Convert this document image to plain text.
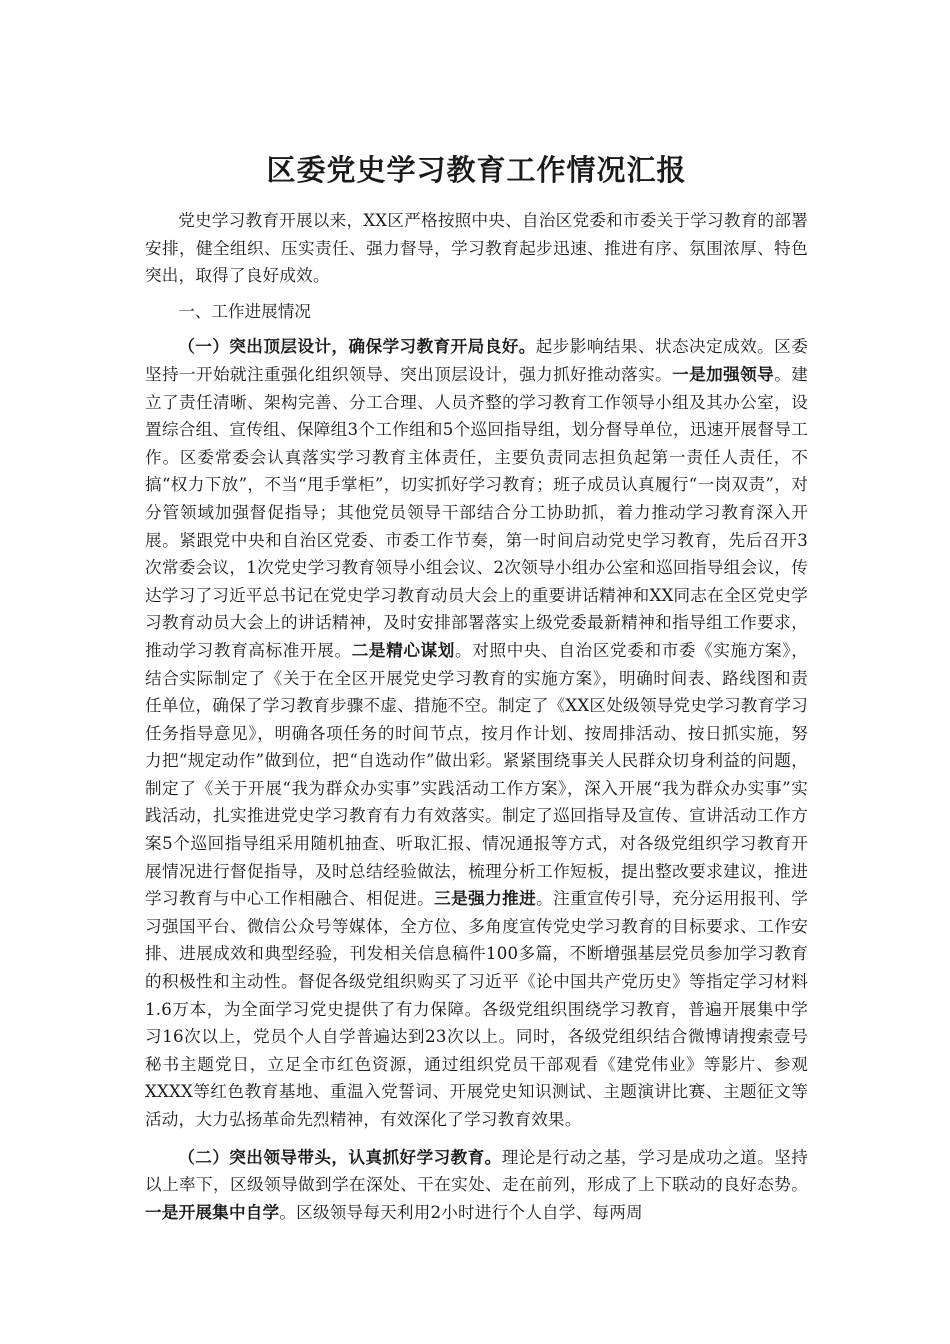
区委党史学习教育工作情况汇报

党史学习教育开展以来，XX区严格按照中央、自治区党委和市委关于学习教育的部署安排，健全组织、压实责任、强力督导，学习教育起步迅速、推进有序、氛围浓厚、特色突出，取得了良好成效。

一、工作进展情况

（一）突出顶层设计，确保学习教育开局良好。起步影响结果、状态决定成效。区委坚持一开始就注重强化组织领导、突出顶层设计，强力抓好推动落实。一是加强领导。建立了责任清晰、架构完善、分工合理、人员齐整的学习教育工作领导小组及其办公室，设置综合组、宣传组、保障组3个工作组和5个巡回指导组，划分督导单位，迅速开展督导工作。区委常委会认真落实学习教育主体责任，主要负责同志担负起第一责任人责任，不搞“权力下放”，不当“甩手掌柜”，切实抓好学习教育；班子成员认真履行“一岗双责”，对分管领域加强督促指导；其他党员领导干部结合分工协助抓，着力推动学习教育深入开展。紧跟党中央和自治区党委、市委工作节奏，第一时间启动党史学习教育，先后召开3次常委会议，1次党史学习教育领导小组会议、2次领导小组办公室和巡回指导组会议，传达学习了习近平总书记在党史学习教育动员大会上的重要讲话精神和XX同志在全区党史学习教育动员大会上的讲话精神，及时安排部署落实上级党委最新精神和指导组工作要求，推动学习教育高标准开展。二是精心谋划。对照中央、自治区党委和市委《实施方案》，结合实际制定了《关于在全区开展党史学习教育的实施方案》，明确时间表、路线图和责任单位，确保了学习教育步骤不虚、措施不空。制定了《XX区处级领导党史学习教育学习任务指导意见》，明确各项任务的时间节点，按月作计划、按周排活动、按日抓实施，努力把“规定动作”做到位，把“自选动作”做出彩。紧紧围绕事关人民群众切身利益的问题，制定了《关于开展“我为群众办实事”实践活动工作方案》，深入开展“我为群众办实事”实践活动，扎实推进党史学习教育有力有效落实。制定了巡回指导及宣传、宣讲活动工作方案5个巡回指导组采用随机抽查、听取汇报、情况通报等方式，对各级党组织学习教育开展情况进行督促指导，及时总结经验做法，梳理分析工作短板，提出整改要求建议，推进学习教育与中心工作相融合、相促进。三是强力推进。注重宣传引导，充分运用报刊、学习强国平台、微信公众号等媒体，全方位、多角度宣传党史学习教育的目标要求、工作安排、进展成效和典型经验，刊发相关信息稿件100多篇，不断增强基层党员参加学习教育的积极性和主动性。督促各级党组织购买了习近平《论中国共产党历史》等指定学习材料1.6万本，为全面学习党史提供了有力保障。各级党组织围绕学习教育，普遍开展集中学习16次以上，党员个人自学普遍达到23次以上。同时，各级党组织结合微博请搜索壹号秘书主题党日，立足全市红色资源，通过组织党员干部观看《建党伟业》等影片、参观XXXX等红色教育基地、重温入党誓词、开展党史知识测试、主题演讲比赛、主题征文等活动，大力弘扬革命先烈精神，有效深化了学习教育效果。

（二）突出领导带头，认真抓好学习教育。理论是行动之基，学习是成功之道。坚持以上率下，区级领导做到学在深处、干在实处、走在前列，形成了上下联动的良好态势。一是开展集中自学。区级领导每天利用2小时进行个人自学、每两周
